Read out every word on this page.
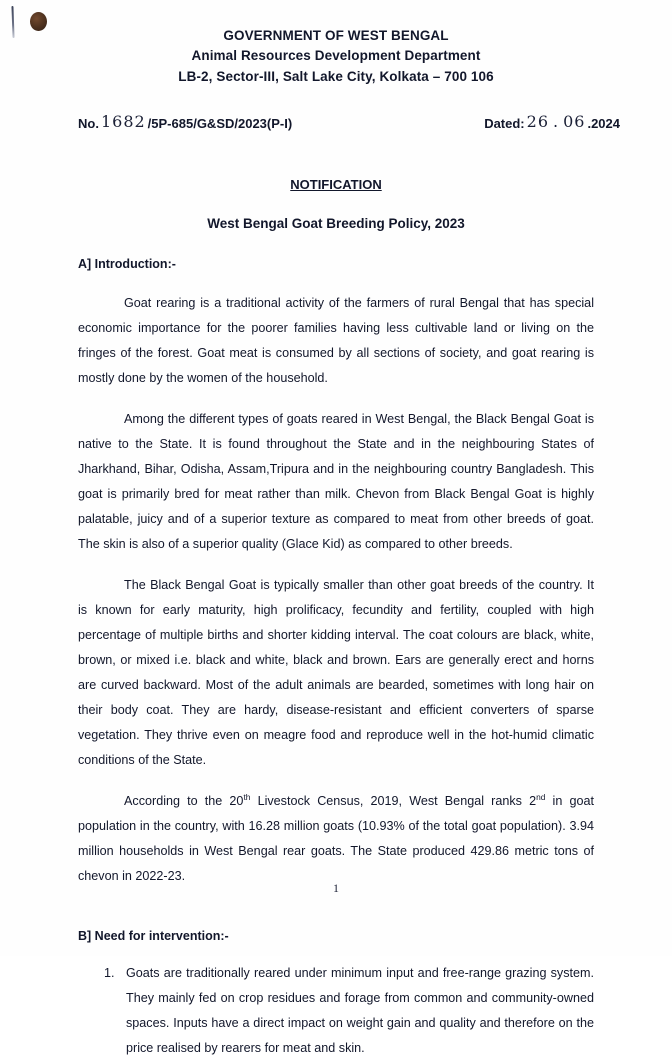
GOVERNMENT OF WEST BENGAL
Animal Resources Development Department
LB-2, Sector-III, Salt Lake City, Kolkata – 700 106
No. 1682 /5P-685/G&SD/2023(P-I)	Dated: 26 . 06 .2024
NOTIFICATION
West Bengal Goat Breeding Policy, 2023
A] Introduction:-

Goat rearing is a traditional activity of the farmers of rural Bengal that has special economic importance for the poorer families having less cultivable land or living on the fringes of the forest. Goat meat is consumed by all sections of society, and goat rearing is mostly done by the women of the household.

Among the different types of goats reared in West Bengal, the Black Bengal Goat is native to the State. It is found throughout the State and in the neighbouring States of Jharkhand, Bihar, Odisha, Assam,Tripura and in the neighbouring country Bangladesh. This goat is primarily bred for meat rather than milk. Chevon from Black Bengal Goat is highly palatable, juicy and of a superior texture as compared to meat from other breeds of goat. The skin is also of a superior quality (Glace Kid) as compared to other breeds.

The Black Bengal Goat is typically smaller than other goat breeds of the country. It is known for early maturity, high prolificacy, fecundity and fertility, coupled with high percentage of multiple births and shorter kidding interval. The coat colours are black, white, brown, or mixed i.e. black and white, black and brown. Ears are generally erect and horns are curved backward. Most of the adult animals are bearded, sometimes with long hair on their body coat. They are hardy, disease-resistant and efficient converters of sparse vegetation. They thrive even on meagre food and reproduce well in the hot-humid climatic conditions of the State.

According to the 20th Livestock Census, 2019, West Bengal ranks 2nd in goat population in the country, with 16.28 million goats (10.93% of the total goat population). 3.94 million households in West Bengal rear goats. The State produced 429.86 metric tons of chevon in 2022-23.

B] Need for intervention:-
1. Goats are traditionally reared under minimum input and free-range grazing system. They mainly fed on crop residues and forage from common and community-owned spaces. Inputs have a direct impact on weight gain and quality and therefore on the price realised by rearers for meat and skin.
1
